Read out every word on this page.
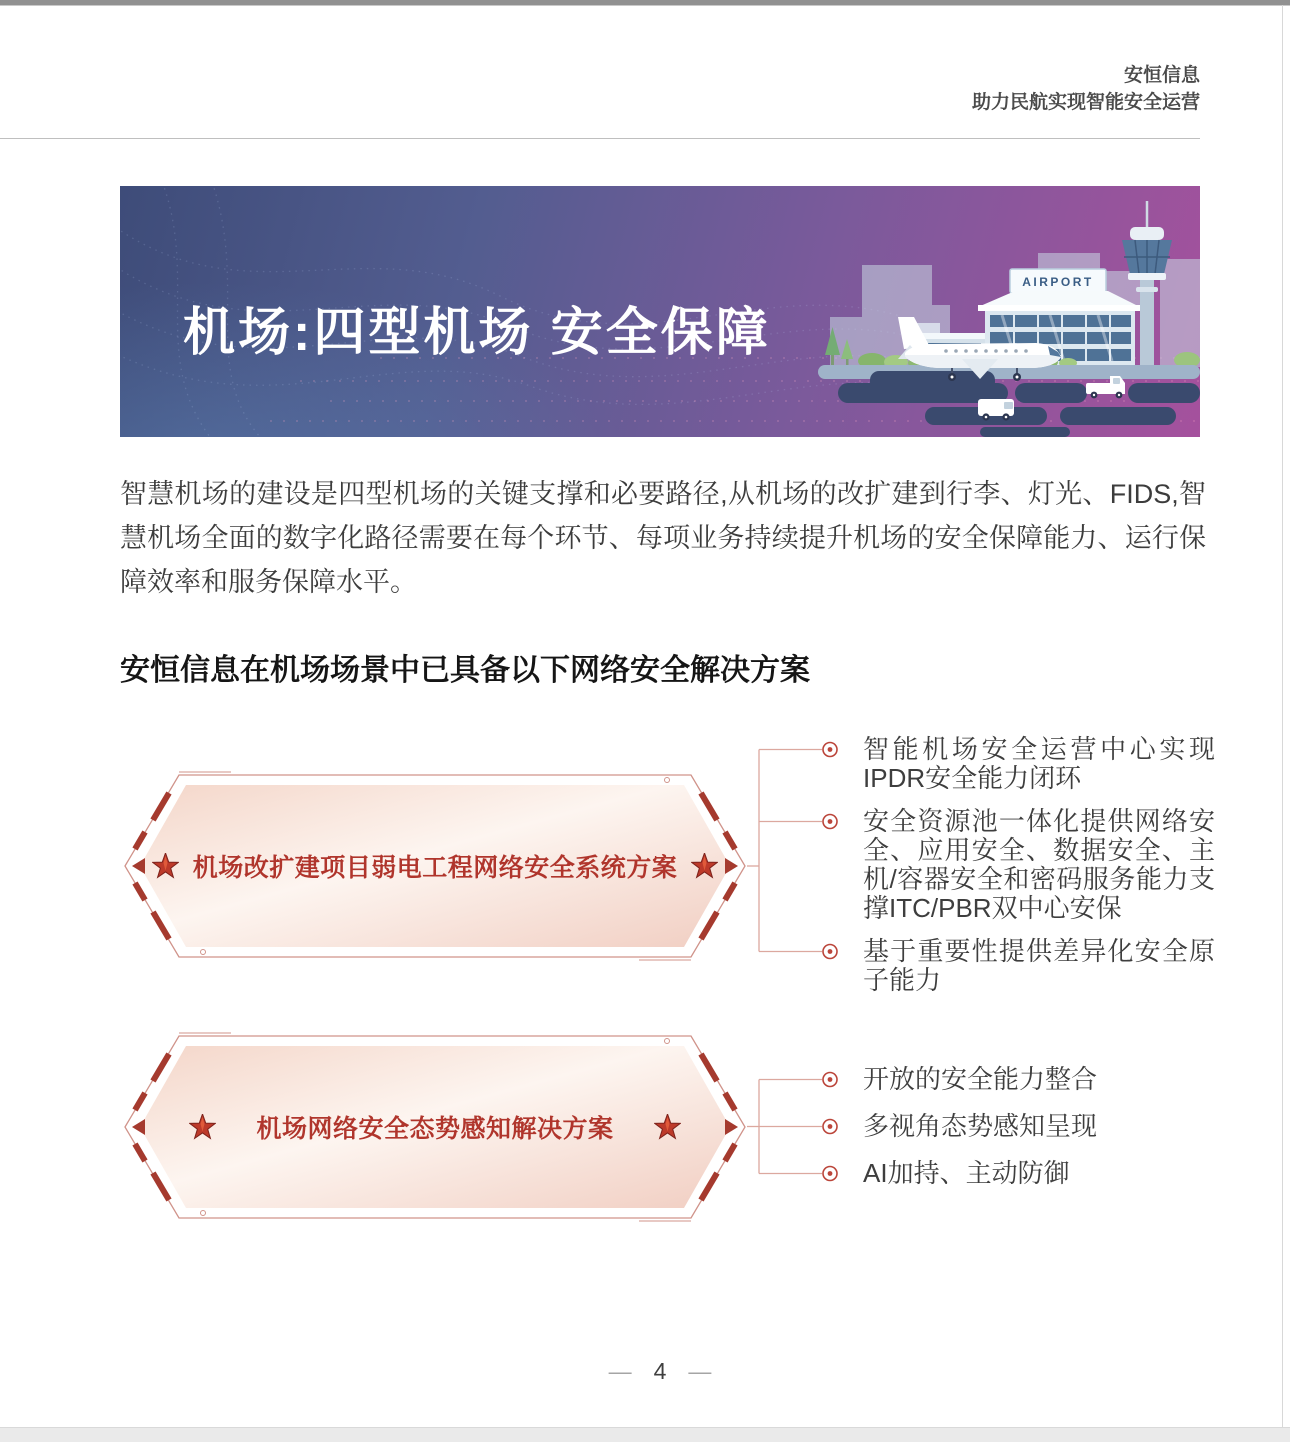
安恒信息
助力民航实现智能安全运营
机场:四型机场 安全保障
AIRPORT

智慧机场的建设是四型机场的关键支撑和必要路径,从机场的改扩建到行李、灯光、FIDS,智慧机场全面的数字化路径需要在每个环节、每项业务持续提升机场的安全保障能力、运行保障效率和服务保障水平。

安恒信息在机场场景中已具备以下网络安全解决方案
机场改扩建项目弱电工程网络安全系统方案

智能机场安全运营中心实现IPDR安全能力闭环

安全资源池一体化提供网络安全、应用安全、数据安全、主机/容器安全和密码服务能力支撑ITC/PBR双中心安保

基于重要性提供差异化安全原子能力

机场网络安全态势感知解决方案

开放的安全能力整合

多视角态势感知呈现

AI加持、主动防御

— 4 —
